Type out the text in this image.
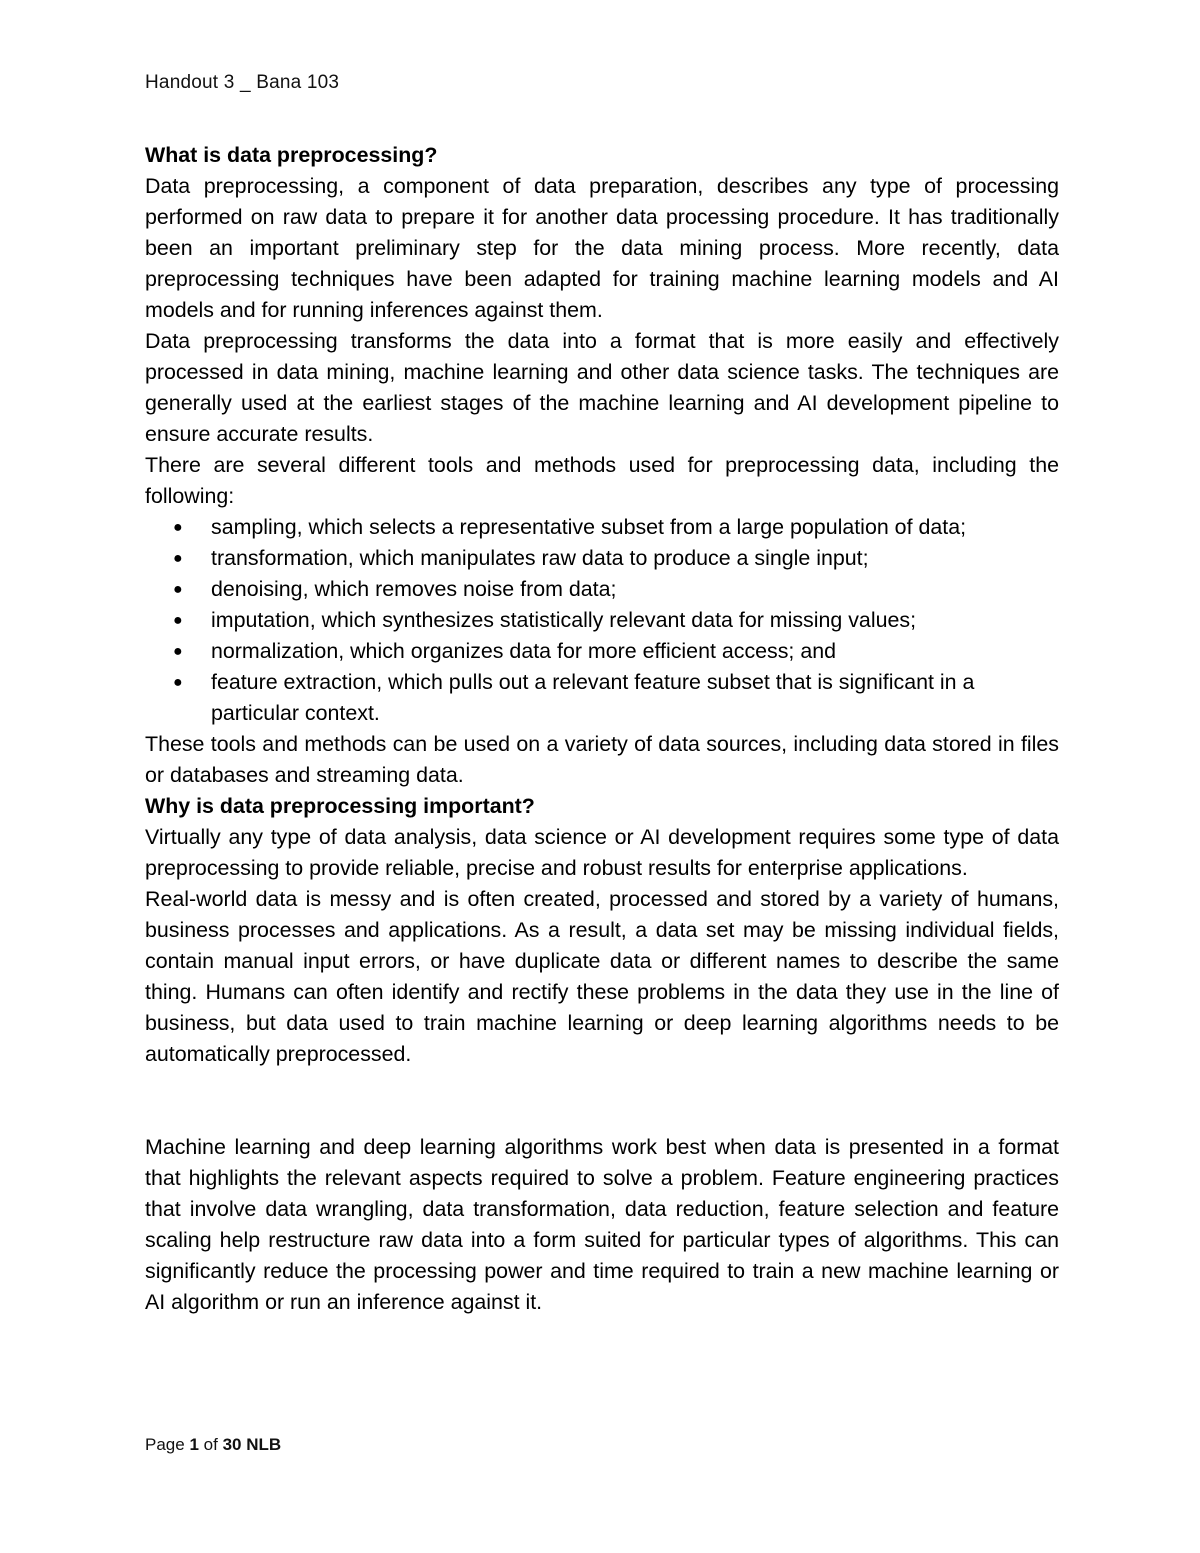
Handout 3 _ Bana 103
What is data preprocessing?

Data preprocessing, a component of data preparation, describes any type of processing performed on raw data to prepare it for another data processing procedure. It has traditionally been an important preliminary step for the data mining process. More recently, data preprocessing techniques have been adapted for training machine learning models and AI models and for running inferences against them.

Data preprocessing transforms the data into a format that is more easily and effectively processed in data mining, machine learning and other data science tasks. The techniques are generally used at the earliest stages of the machine learning and AI development pipeline to ensure accurate results.

There are several different tools and methods used for preprocessing data, including the following:

● sampling, which selects a representative subset from a large population of data;
● transformation, which manipulates raw data to produce a single input;
● denoising, which removes noise from data;
● imputation, which synthesizes statistically relevant data for missing values;
● normalization, which organizes data for more efficient access; and
● feature extraction, which pulls out a relevant feature subset that is significant in a particular context.

These tools and methods can be used on a variety of data sources, including data stored in files or databases and streaming data.

Why is data preprocessing important?

Virtually any type of data analysis, data science or AI development requires some type of data preprocessing to provide reliable, precise and robust results for enterprise applications.

Real-world data is messy and is often created, processed and stored by a variety of humans, business processes and applications. As a result, a data set may be missing individual fields, contain manual input errors, or have duplicate data or different names to describe the same thing. Humans can often identify and rectify these problems in the data they use in the line of business, but data used to train machine learning or deep learning algorithms needs to be automatically preprocessed.

Machine learning and deep learning algorithms work best when data is presented in a format that highlights the relevant aspects required to solve a problem. Feature engineering practices that involve data wrangling, data transformation, data reduction, feature selection and feature scaling help restructure raw data into a form suited for particular types of algorithms. This can significantly reduce the processing power and time required to train a new machine learning or AI algorithm or run an inference against it.

Page 1 of 30 NLB
